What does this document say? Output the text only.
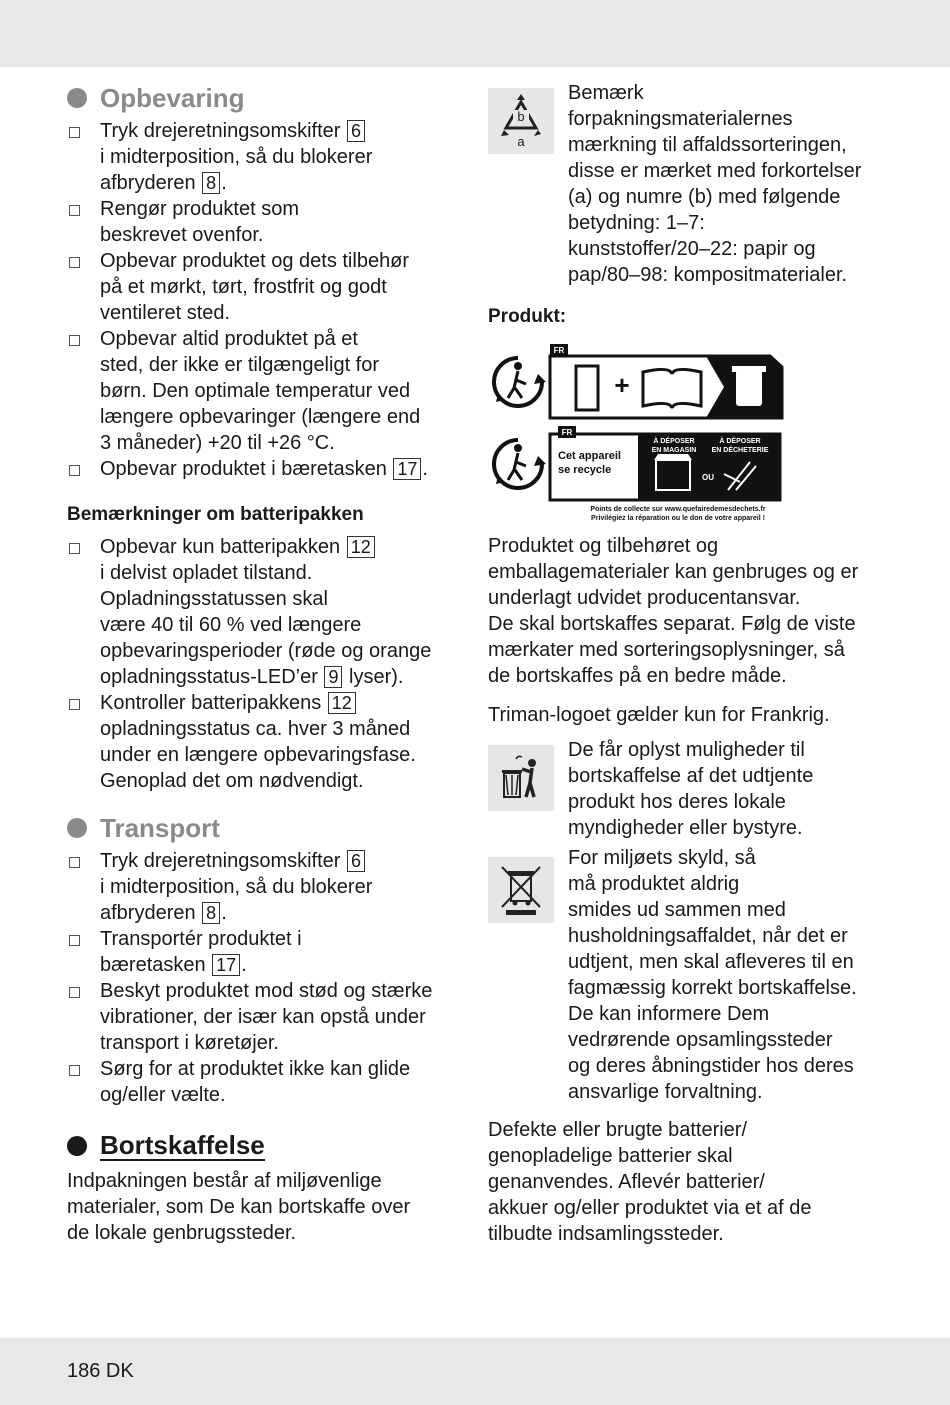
Opbevaring
Tryk drejeretningsomskifter 6
i midterposition, så du blokerer
afbryderen 8 .
Rengør produktet som
beskrevet ovenfor.
Opbevar produktet og dets tilbehør
på et mørkt, tørt, frostfrit og godt
ventileret sted.
Opbevar altid produktet på et
sted, der ikke er tilgængeligt for
børn. Den optimale temperatur ved
længere opbevaringer (længere end
3 måneder) +20 til +26 °C.
Opbevar produktet i bæretasken 17 .
Bemærkninger om batteripakken
Opbevar kun batteripakken 12
i delvist opladet tilstand.
Opladningsstatussen skal
være 40 til 60 % ved længere
opbevaringsperioder (røde og orange
opladningsstatus-LED’er 9 lyser).
Kontroller batteripakkens 12
opladningsstatus ca. hver 3 måned
under en længere opbevaringsfase.
Genoplad det om nødvendigt.
Transport
Tryk drejeretningsomskifter 6
i midterposition, så du blokerer
afbryderen 8 .
Transportér produktet i
bæretasken 17 .
Beskyt produktet mod stød og stærke
vibrationer, der især kan opstå under
transport i køretøjer.
Sørg for at produktet ikke kan glide
og/eller vælte.
Bortskaffelse

Indpakningen består af miljøvenlige
materialer, som De kan bortskaffe over
de lokale genbrugssteder.

b
a
Bemærk
forpakningsmaterialernes
mærkning til affaldssorteringen,
disse er mærket med forkortelser
(a) og numre (b) med følgende
betydning: 1–7:
kunststoffer/20–22: papir og
pap/80–98: kompositmaterialer.
Produkt:
FR
+
FR
Cet appareil
se recycle
À DÉPOSER
EN MAGASIN
À DÉPOSER
EN DÉCHETERIE
OU
Points de collecte sur www.quefairedemesdechets.fr
Privilégiez la réparation ou le don de votre appareil !

Produktet og tilbehøret og
emballagematerialer kan genbruges og er
underlagt udvidet producentansvar.
De skal bortskaffes separat. Følg de viste
mærkater med sorteringsoplysninger, så
de bortskaffes på en bedre måde.

Triman-logoet gælder kun for Frankrig.

De får oplyst muligheder til
bortskaffelse af det udtjente
produkt hos deres lokale
myndigheder eller bystyre.
For miljøets skyld, så
må produktet aldrig
smides ud sammen med
husholdningsaffaldet, når det er
udtjent, men skal afleveres til en
fagmæssig korrekt bortskaffelse.
De kan informere Dem
vedrørende opsamlingssteder
og deres åbningstider hos deres
ansvarlige forvaltning.

Defekte eller brugte batterier/
genopladelige batterier skal
genanvendes. Aflevér batterier/
akkuer og/eller produktet via et af de
tilbudte indsamlingssteder.

186 DK
